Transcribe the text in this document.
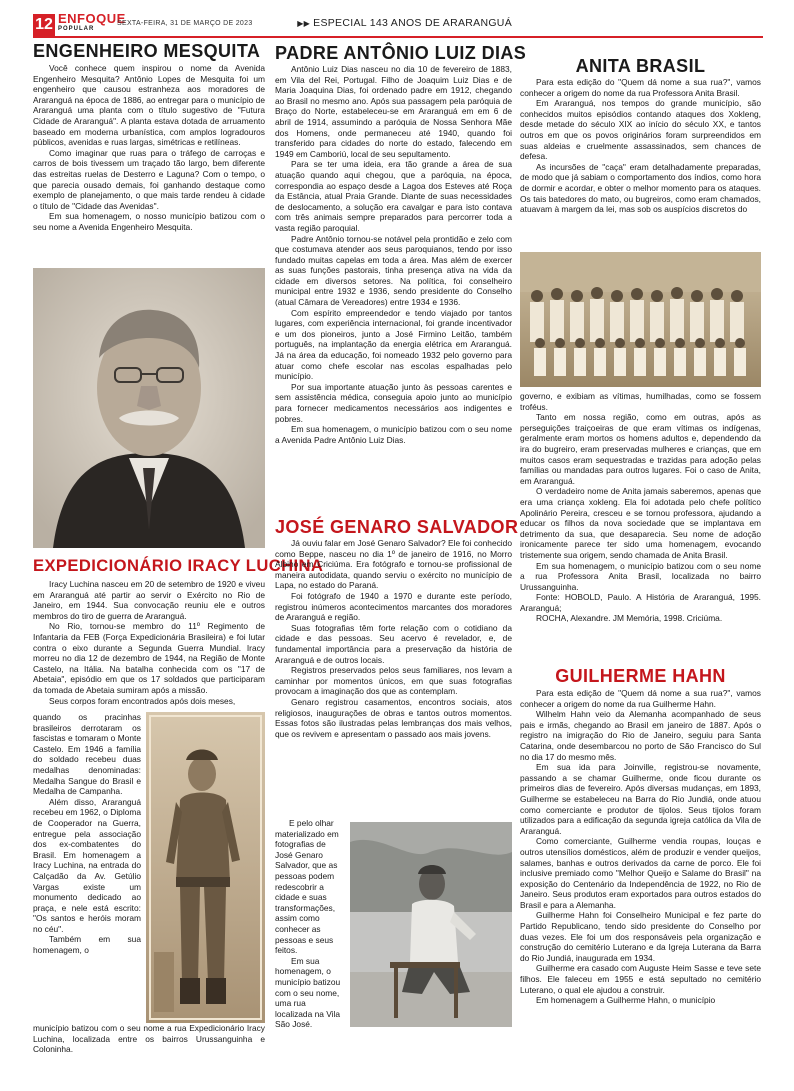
12 ENFOQUE
POPULAR
SEXTA-FEIRA, 31 DE MARÇO DE 2023	▶▶ ESPECIAL 143 ANOS DE ARARANGUÁ
ENGENHEIRO MESQUITA

Você conhece quem inspirou o nome da Avenida Engenheiro Mesquita? Antônio Lopes de Mesquita foi um engenheiro que causou estranheza aos moradores de Araranguá na época de 1886, ao entregar para o município de Araranguá uma planta com o título sugestivo de "Futura Cidade de Araranguá". A planta estava dotada de arruamento baseado em moderna urbanística, com amplos logradouros públicos, avenidas e ruas largas, simétricas e retilíneas.

Como imaginar que ruas para o tráfego de carroças e carros de bois tivessem um traçado tão largo, bem diferente das estreitas ruelas de Desterro e Laguna? Com o tempo, o que parecia ousado demais, foi ganhando destaque como exemplo de planejamento, o que mais tarde rendeu à cidade o título de "Cidade das Avenidas".

Em sua homenagem, o nosso município batizou com o seu nome a Avenida Engenheiro Mesquita.

EXPEDICIONÁRIO IRACY LUCHINA

Iracy Luchina nasceu em 20 de setembro de 1920 e viveu em Araranguá até partir ao servir o Exército no Rio de Janeiro, em 1944. Sua convocação reuniu ele e outros membros do tiro de guerra de Araranguá.

No Rio, tornou-se membro do 11º Regimento de Infantaria da FEB (Força Expedicionária Brasileira) e foi lutar contra o eixo durante a Segunda Guerra Mundial. Iracy morreu no dia 12 de dezembro de 1944, na Região de Monte Castelo, na Itália. Na batalha conhecida com os "17 de Abetaia", episódio em que os 17 soldados que participaram da tomada de Abetaia sumiram após a missão.

Seus corpos foram encontrados após dois meses,

quando os pracinhas brasileiros derrotaram os fascistas e tomaram o Monte Castelo. Em 1946 a família do soldado recebeu duas medalhas denominadas: Medalha Sangue do Brasil e Medalha de Campanha.

Além disso, Araranguá recebeu em 1962, o Diploma de Cooperador na Guerra, entregue pela associação dos ex-combatentes do Brasil. Em homenagem a Iracy Luchina, na entrada do Calçadão da Av. Getúlio Vargas existe um monumento dedicado ao praça, e nele está escrito: "Os santos e heróis moram no céu".

Também em sua homenagem, o

município batizou com o seu nome a rua Expedicionário Iracy Luchina, localizada entre os bairros Urussanguinha e Coloninha.

PADRE ANTÔNIO LUIZ DIAS

Antônio Luiz Dias nasceu no dia 10 de fevereiro de 1883, em Vila del Rei, Portugal. Filho de Joaquim Luiz Dias e de Maria Joaquina Dias, foi ordenado padre em 1912, chegando ao Brasil no mesmo ano. Após sua passagem pela paróquia de Braço do Norte, estabeleceu-se em Araranguá em em 6 de abril de 1914, assumindo a paróquia de Nossa Senhora Mãe dos Homens, onde permaneceu até 1940, quando foi transferido para cidades do norte do estado, falecendo em 1949 em Camboriú, local de seu sepultamento.

Para se ter uma ideia, era tão grande a área de sua atuação quando aqui chegou, que a paróquia, na época, correspondia ao espaço desde a Lagoa dos Esteves até Roça da Estância, atual Praia Grande. Diante de suas necessidades de deslocamento, a solução era cavalgar e para isto contava com três animais sempre preparados para percorrer toda a vasta região paroquial.

Padre Antônio tornou-se notável pela prontidão e zelo com que costumava atender aos seus paroquianos, tendo por isso fundado muitas capelas em toda a área. Mas além de exercer as suas funções pastorais, tinha presença ativa na vida da cidade em diversos setores. Na política, foi conselheiro municipal entre 1932 e 1936, sendo presidente do Conselho (atual Câmara de Vereadores) entre 1934 e 1936.

Com espírito empreendedor e tendo viajado por tantos lugares, com experiência internacional, foi grande incentivador e um dos pioneiros, junto a José Firmino Leitão, também português, na implantação da energia elétrica em Araranguá. Já na área da educação, foi nomeado 1932 pelo governo para atuar como chefe escolar nas escolas espalhadas pelo município.

Por sua importante atuação junto às pessoas carentes e sem assistência médica, conseguia apoio junto ao município para fornecer medicamentos necessários aos indigentes e pobres.

Em sua homenagem, o município batizou com o seu nome a Avenida Padre Antônio Luiz Dias.

JOSÉ GENARO SALVADOR

Já ouviu falar em José Genaro Salvador? Ele foi conhecido como Beppe, nasceu no dia 1º de janeiro de 1916, no Morro Albino em Criciúma. Era fotógrafo e tornou-se profissional de maneira autodidata, quando serviu o exército no município de Lapa, no estado do Paraná.

Foi fotógrafo de 1940 a 1970 e durante este período, registrou inúmeros acontecimentos marcantes dos moradores de Araranguá e região.

Suas fotografias têm forte relação com o cotidiano da cidade e das pessoas. Seu acervo é revelador, e, de fundamental importância para a preservação da história de Araranguá e de outros locais.

Registros preservados pelos seus familiares, nos levam a caminhar por momentos únicos, em que suas fotografias provocam a imaginação dos que as contemplam.

Genaro registrou casamentos, encontros sociais, atos religiosos, inaugurações de obras e tantos outros momentos. Essas fotos são ilustradas pelas lembranças dos mais velhos, que os revivem e apresentam o passado aos mais jovens.

E pelo olhar materializado em fotografias de José Genaro Salvador, que as pessoas podem redescobrir a cidade e suas transformações, assim como conhecer as pessoas e seus feitos.

Em sua homenagem, o município batizou com o seu nome, uma rua localizada na Vila São José.

ANITA BRASIL

Para esta edição do "Quem dá nome a sua rua?", vamos conhecer a origem do nome da rua Professora Anita Brasil.

Em Araranguá, nos tempos do grande município, são conhecidos muitos episódios contando ataques dos Xokleng, desde metade do século XIX ao início do século XX, e tantos outros em que os povos originários foram surpreendidos em suas aldeias e cruelmente assassinados, sem chances de defesa.

As incursões de "caça" eram detalhadamente preparadas, de modo que já sabiam o comportamento dos índios, como hora de dormir e acordar, e obter o melhor momento para os ataques. Os tais batedores do mato, ou bugreiros, como eram chamados, atuavam à margem da lei, mas sob os auspícios discretos do

governo, e exibiam as vítimas, humilhadas, como se fossem troféus.

Tanto em nossa região, como em outras, após as perseguições traiçoeiras de que eram vítimas os indígenas, geralmente eram mortos os homens adultos e, dependendo da ira do bugreiro, eram preservadas mulheres e crianças, que em muitos casos eram sequestradas e trazidas para adoção pelas famílias ou mandadas para outros lugares. Foi o caso de Anita, em Araranguá.

O verdadeiro nome de Anita jamais saberemos, apenas que era uma criança xokleng. Ela foi adotada pelo chefe político Apolinário Pereira, cresceu e se tornou professora, ajudando a educar os filhos da nova sociedade que se implantava em detrimento da sua, que desaparecia. Seu nome de adoção ironicamente parece ter sido uma homenagem, evocando tristemente sua origem, sendo chamada de Anita Brasil.

Em sua homenagem, o município batizou com o seu nome a rua Professora Anita Brasil, localizada no bairro Urussanguinha.

Fonte: HOBOLD, Paulo. A História de Araranguá, 1995. Araranguá;

ROCHA, Alexandre. JM Memória, 1998. Criciúma.

GUILHERME HAHN

Para esta edição de "Quem dá nome a sua rua?", vamos conhecer a origem do nome da rua Guilherme Hahn.

Wilhelm Hahn veio da Alemanha acompanhado de seus pais e irmãs, chegando ao Brasil em janeiro de 1887. Após o registro na imigração do Rio de Janeiro, seguiu para Santa Catarina, onde desembarcou no porto de São Francisco do Sul no dia 17 do mesmo mês.

Em sua ida para Joinville, registrou-se novamente, passando a se chamar Guilherme, onde ficou durante os primeiros dias de fevereiro. Após diversas mudanças, em 1893, Guilherme se estabeleceu na Barra do Rio Jundiá, onde atuou como comerciante e produtor de tijolos. Seus tijolos foram utilizados para a edificação da segunda igreja católica da Vila de Araranguá.

Como comerciante, Guilherme vendia roupas, louças e outros utensílios domésticos, além de produzir e vender queijos, salames, banhas e outros derivados da carne de porco. Ele foi inclusive premiado como "Melhor Queijo e Salame do Brasil" na exposição do Centenário da Independência de 1922, no Rio de Janeiro. Seus produtos eram exportados para outros estados do Brasil e para a Alemanha.

Guilherme Hahn foi Conselheiro Municipal e fez parte do Partido Republicano, tendo sido presidente do Conselho por duas vezes. Ele foi um dos responsáveis pela organização e construção do cemitério Luterano e da Igreja Luterana da Barra do Rio Jundiá, inaugurada em 1934.

Guilherme era casado com Auguste Heim Sasse e teve sete filhos. Ele faleceu em 1955 e está sepultado no cemitério Luterano, o qual ele ajudou a construir.

Em homenagem a Guilherme Hahn, o município
